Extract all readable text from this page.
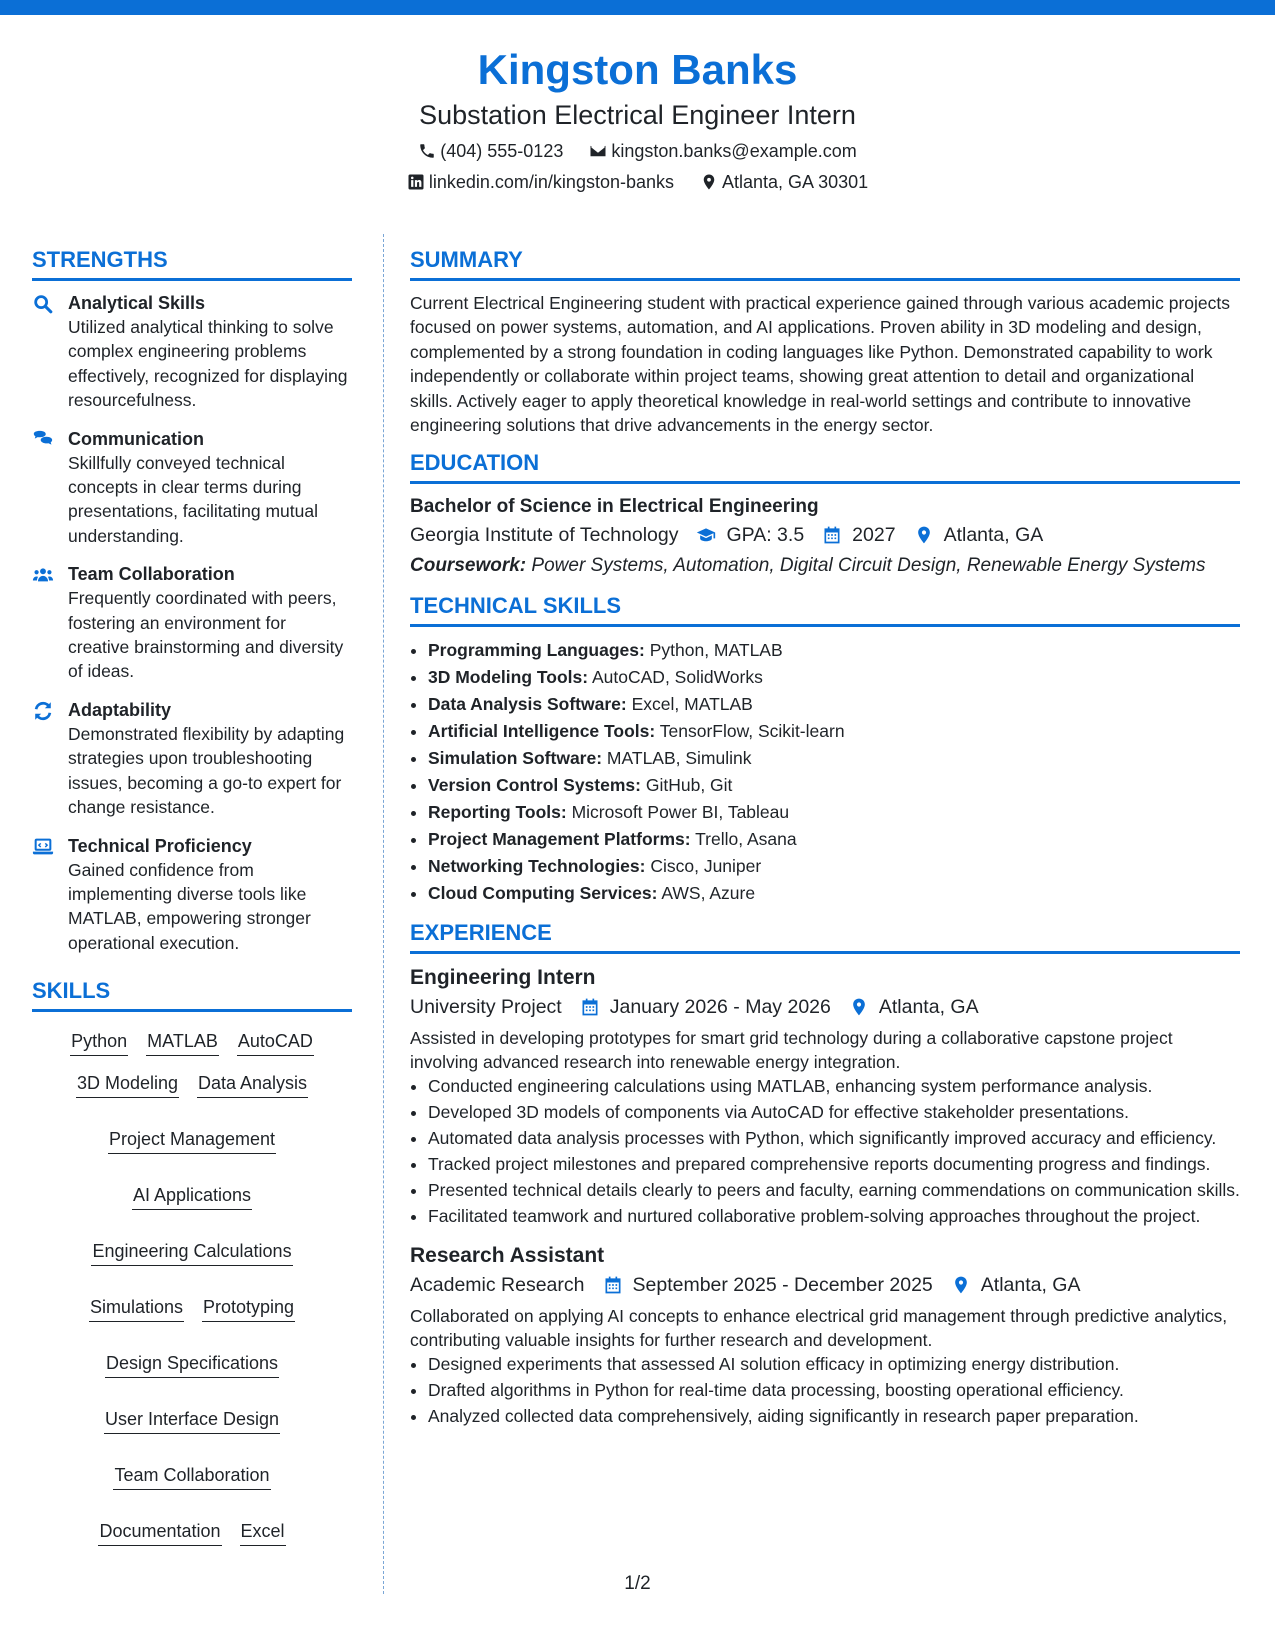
Kingston Banks
Substation Electrical Engineer Intern
(404) 555-0123	kingston.banks@example.com
linkedin.com/in/kingston-banks	Atlanta, GA 30301
STRENGTHS
Analytical Skills
Utilized analytical thinking to solve complex engineering problems effectively, recognized for displaying resourcefulness.
Communication
Skillfully conveyed technical concepts in clear terms during presentations, facilitating mutual understanding.
Team Collaboration
Frequently coordinated with peers, fostering an environment for creative brainstorming and diversity of ideas.
Adaptability
Demonstrated flexibility by adapting strategies upon troubleshooting issues, becoming a go-to expert for change resistance.
Technical Proficiency
Gained confidence from implementing diverse tools like MATLAB, empowering stronger operational execution.
SKILLS
Python MATLAB AutoCAD
3D Modeling Data Analysis
Project Management
AI Applications
Engineering Calculations
Simulations Prototyping
Design Specifications
User Interface Design
Team Collaboration
Documentation Excel
SUMMARY
Current Electrical Engineering student with practical experience gained through various academic projects focused on power systems, automation, and AI applications. Proven ability in 3D modeling and design, complemented by a strong foundation in coding languages like Python. Demonstrated capability to work independently or collaborate within project teams, showing great attention to detail and organizational skills. Actively eager to apply theoretical knowledge in real-world settings and contribute to innovative engineering solutions that drive advancements in the energy sector.
EDUCATION
Bachelor of Science in Electrical Engineering
Georgia Institute of Technology GPA: 3.5 2027 Atlanta, GA
Coursework: Power Systems, Automation, Digital Circuit Design, Renewable Energy Systems
TECHNICAL SKILLS
• Programming Languages: Python, MATLAB
• 3D Modeling Tools: AutoCAD, SolidWorks
• Data Analysis Software: Excel, MATLAB
• Artificial Intelligence Tools: TensorFlow, Scikit-learn
• Simulation Software: MATLAB, Simulink
• Version Control Systems: GitHub, Git
• Reporting Tools: Microsoft Power BI, Tableau
• Project Management Platforms: Trello, Asana
• Networking Technologies: Cisco, Juniper
• Cloud Computing Services: AWS, Azure
EXPERIENCE
Engineering Intern
University Project January 2026 - May 2026 Atlanta, GA
Assisted in developing prototypes for smart grid technology during a collaborative capstone project involving advanced research into renewable energy integration.
• Conducted engineering calculations using MATLAB, enhancing system performance analysis.
• Developed 3D models of components via AutoCAD for effective stakeholder presentations.
• Automated data analysis processes with Python, which significantly improved accuracy and efficiency.
• Tracked project milestones and prepared comprehensive reports documenting progress and findings.
• Presented technical details clearly to peers and faculty, earning commendations on communication skills.
• Facilitated teamwork and nurtured collaborative problem-solving approaches throughout the project.
Research Assistant
Academic Research September 2025 - December 2025 Atlanta, GA
Collaborated on applying AI concepts to enhance electrical grid management through predictive analytics, contributing valuable insights for further research and development.
• Designed experiments that assessed AI solution efficacy in optimizing energy distribution.
• Drafted algorithms in Python for real-time data processing, boosting operational efficiency.
• Analyzed collected data comprehensively, aiding significantly in research paper preparation.
1/2
